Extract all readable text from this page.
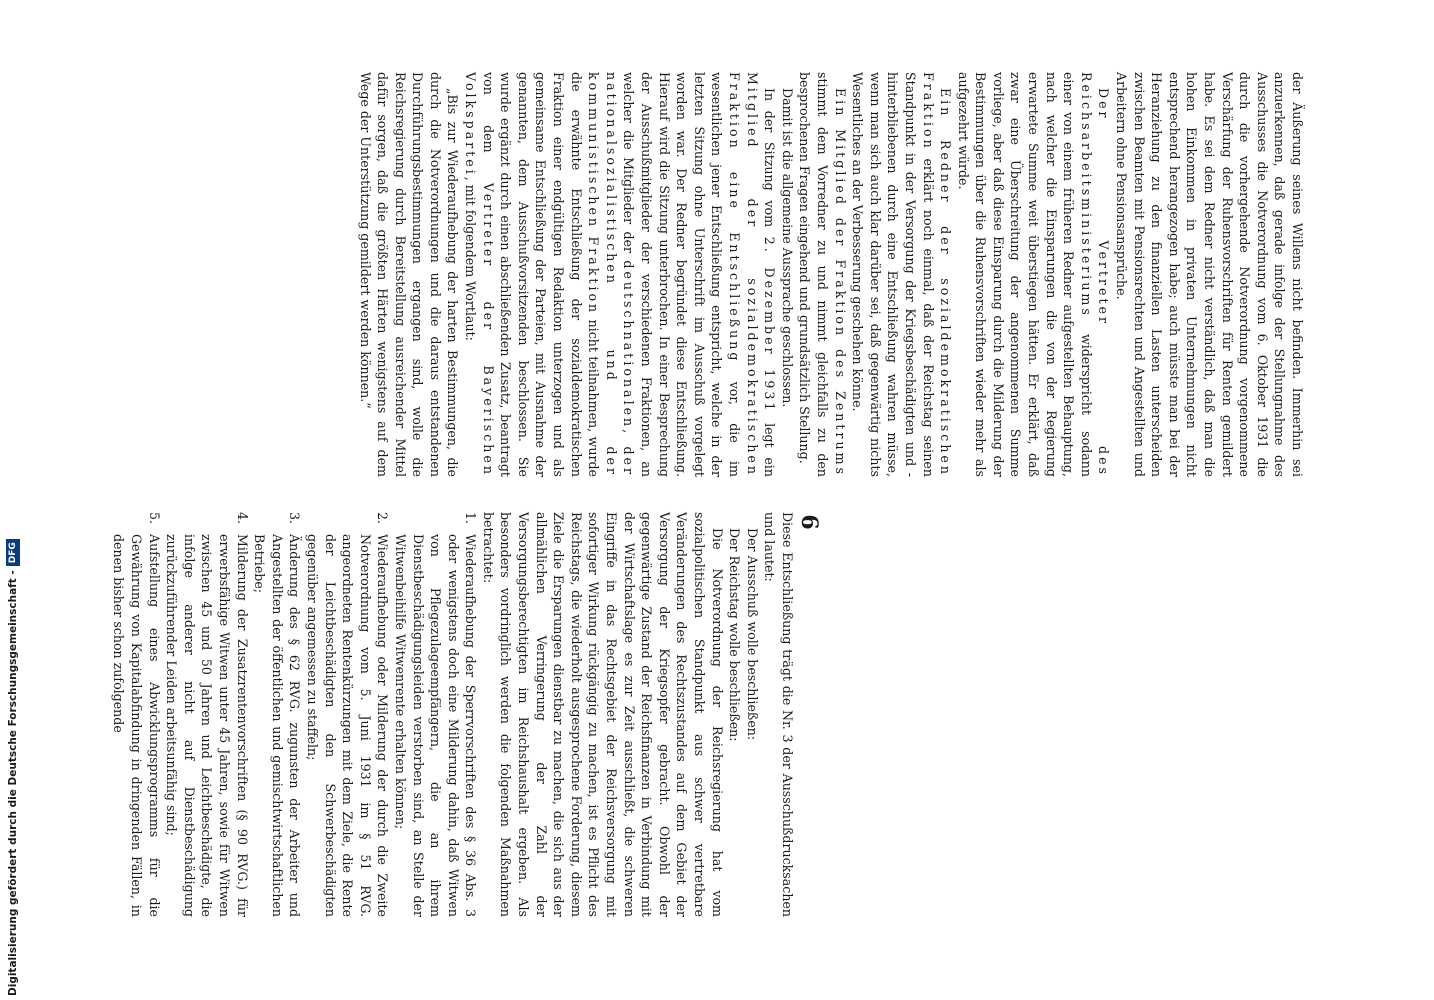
6

der Äußerung seines Willens nicht befinden. Immerhin sei anzuerkennen, daß gerade infolge der Stellungnahme des Ausschusses die Notverordnung vom 6. Oktober 1931 die durch die vorhergehende Notverordnung vorgenommene Verschärfung der Ruhensvorschriften für Renten gemildert habe. Es sei dem Redner nicht verständlich, daß man die hohen Einkommen in privaten Unternehmungen nicht entsprechend herangezogen habe; auch müsste man bei der Heranziehung zu den finanziellen Lasten unterscheiden zwischen Beamten mit Pensionsrechten und Angestellten und Arbeitern ohne Pensionsansprüche.

Der Vertreter des Reichsarbeitsministeriums widerspricht sodann einer von einem früheren Redner aufgestellten Behauptung, nach welcher die Einsparungen die von der Regierung erwartete Summe weit überstiegen hätten. Er erklärt, daß zwar eine Überschreitung der angenommenen Summe vorliege, aber daß diese Einsparung durch die Milderung der Bestimmungen über die Ruhensvorschriften wieder mehr als aufgezehrt würde.

Ein Redner der sozialdemokratischen Fraktion erklärt noch einmal, daß der Reichstag seinen Standpunkt in der Versorgung der Kriegsbeschädigten und -hinterbliebenen durch eine Entschließung wahren müsse, wenn man sich auch klar darüber sei, daß gegenwärtig nichts Wesentliches an der Verbesserung geschehen könne.

Ein Mitglied der Fraktion des Zentrums stimmt dem Vorredner zu und nimmt gleichfalls zu den besprochenen Fragen eingehend und grundsätzlich Stellung.

Damit ist die allgemeine Aussprache geschlossen.

In der Sitzung vom 2. Dezember 1931 legt ein Mitglied der sozialdemokratischen Fraktion eine Entschließung vor, die im wesentlichen jener Entschließung entspricht, welche in der letzten Sitzung ohne Unterschrift im Ausschuß vorgelegt worden war. Der Redner begründet diese Entschließung. Hierauf wird die Sitzung unterbrochen. In einer Besprechung der Ausschußmitglieder der verschiedenen Fraktionen, an welcher die Mitglieder der deutschnationalen, der nationalsozialistischen und der kommunistischen Fraktion nicht teilnahmen, wurde die erwähnte Entschließung der sozialdemokratischen Fraktion einer endgültigen Redaktion unterzogen und als gemeinsame Entschließung der Parteien, mit Ausnahme der genannten, dem Ausschußvorsitzenden beschlossen. Sie wurde ergänzt durch einen abschließenden Zusatz, beantragt von dem Vertreter der Bayerischen Volkspartei, mit folgendem Wortlaut:

„Bis zur Wiederaufhebung der harten Bestimmungen, die durch die Notverordnungen und die daraus entstandenen Durchführungsbestimmungen ergangen sind, wolle die Reichsregierung durch Bereitstellung ausreichender Mittel dafür sorgen, daß die größten Härten wenigstens auf dem Wege der Unterstützung gemildert werden können.“

Diese Entschließung trägt die Nr. 3 der Ausschußdrucksachen und lautet:

Der Ausschuß wolle beschließen:

Der Reichstag wolle beschließen:

Die Notverordnung der Reichsregierung hat vom sozialpolitischen Standpunkt aus schwer vertretbare Veränderungen des Rechtszustandes auf dem Gebiet der Versorgung der Kriegsopfer gebracht. Obwohl der gegenwärtige Zustand der Reichsfinanzen in Verbindung mit der Wirtschaftslage es zur Zeit ausschließt, die schweren Eingriffe in das Rechtsgebiet der Reichsversorgung mit sofortiger Wirkung rückgängig zu machen, ist es Pflicht des Reichstags, die wiederholt ausgesprochene Forderung, diesem Ziele die Ersparungen dienstbar zu machen, die sich aus der allmählichen Verringerung der Zahl der Versorgungsberechtigten im Reichshaushalt ergeben. Als besonders vordringlich werden die folgenden Maßnahmen betrachtet:

1.
Wiederaufhebung der Sperrvorschriften des § 36 Abs. 3 oder wenigstens doch eine Milderung dahin, daß Witwen von Pflegezulageempfängern, die an ihrem Dienstbeschädigungsleiden verstorben sind, an Stelle der Witwenbeihilfe Witwenrente erhalten können;
2.
Wiederaufhebung oder Milderung der durch die Zweite Notverordnung vom 5. Juni 1931 im § 51 RVG. angeordneten Rentenkürzungen mit dem Ziele, die Rente der Leichtbeschädigten den Schwerbeschädigten gegenüber angemessen zu staffeln;
3.
Änderung des § 62 RVG. zugunsten der Arbeiter und Angestellten der öffentlichen und gemischtwirtschaftlichen Betriebe;
4.
Milderung der Zusatzrentenvorschriften (§ 90 RVG.) für erwerbsfähige Witwen unter 45 Jahren, sowie für Witwen zwischen 45 und 50 Jahren und Leichtbeschädigte, die infolge anderer nicht auf Dienstbeschädigung zurückzuführender Leiden arbeitsunfähig sind;
5.
Aufstellung eines Abwicklungsprogramms für die Gewährung von Kapitalabfindung in dringenden Fällen, in denen bisher schon zufolgende
Digitalisierung gefördert durch die Deutsche Forschungsgemeinschaft -
DFG
